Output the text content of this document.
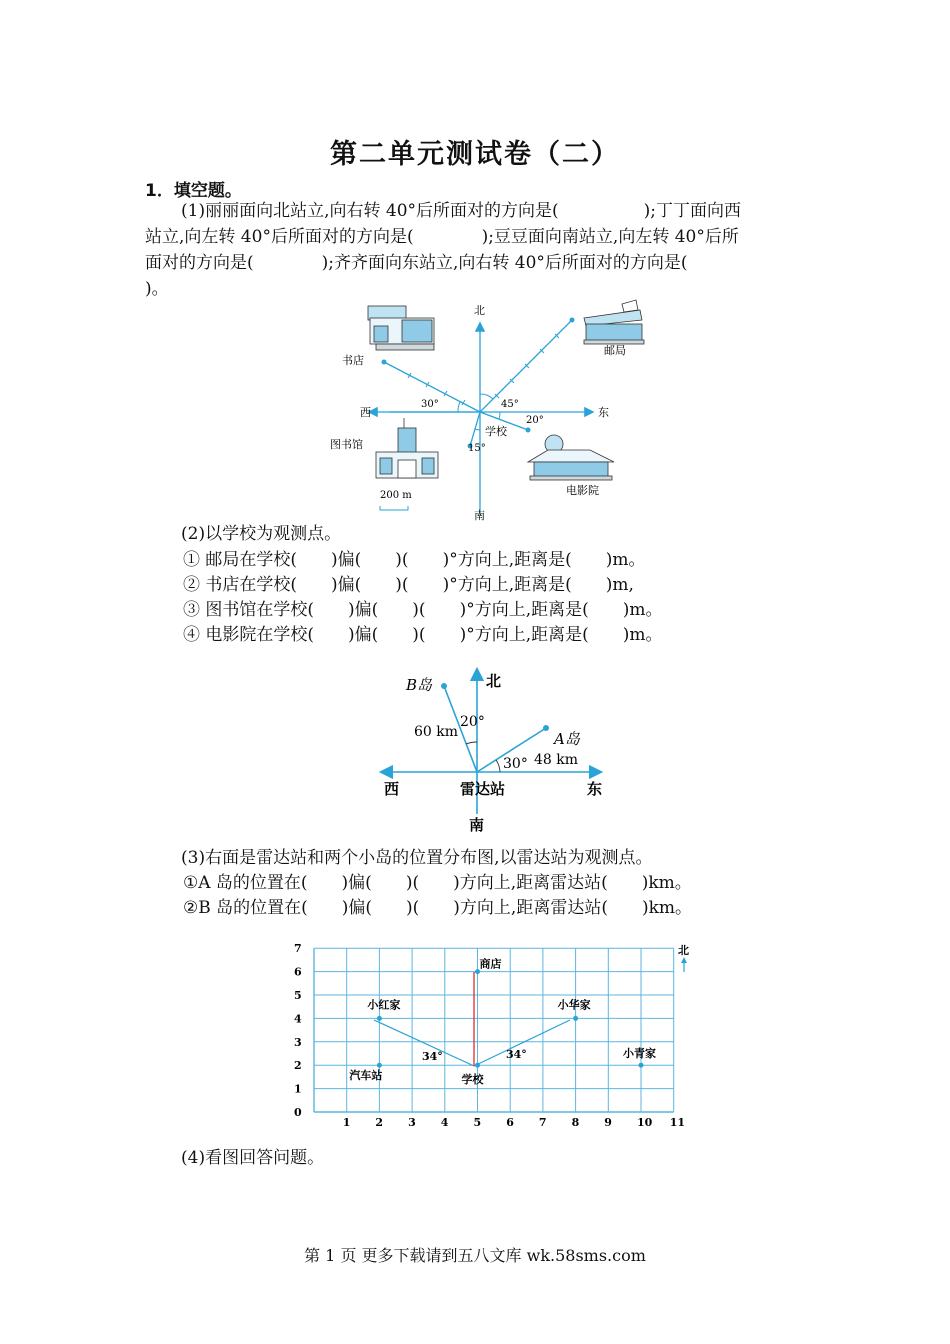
第二单元测试卷（二）
1．填空题。

(1)丽丽面向北站立,向右转 40°后所面对的方向是(　　　　　);丁丁面向西

站立,向左转 40°后所面对的方向是(　　　　);豆豆面向南站立,向左转 40°后所

面对的方向是(　　　　);齐齐面向东站立,向右转 40°后所面对的方向是(

)。

北
南
东
西
30°	45°
20°
15°
学校
书店
邮局
图书馆
电影院
200 m

(2)以学校为观测点。

① 邮局在学校(　　)偏(　　)(　　)°方向上,距离是(　　)m。
② 书店在学校(　　)偏(　　)(　　)°方向上,距离是(　　)m,
③ 图书馆在学校(　　)偏(　　)(　　)°方向上,距离是(　　)m。
④ 电影院在学校(　　)偏(　　)(　　)°方向上,距离是(　　)m。
B岛
A岛
60 km
48 km
20°
30°
北
南
东
西	雷达站

(3)右面是雷达站和两个小岛的位置分布图,以雷达站为观测点。

①A 岛的位置在(　　)偏(　　)(　　)方向上,距离雷达站(　　)km。
②B 岛的位置在(　　)偏(　　)(　　)方向上,距离雷达站(　　)km。
1 2 3 4 5 6 7 8 9 10 11
0
1
2
3
4
5
6
7
学校
商店
小红家	小华家
汽车站
小青家
34°	34°
北

(4)看图回答问题。

第 1 页 更多下载请到五八文库 wk.58sms.com
